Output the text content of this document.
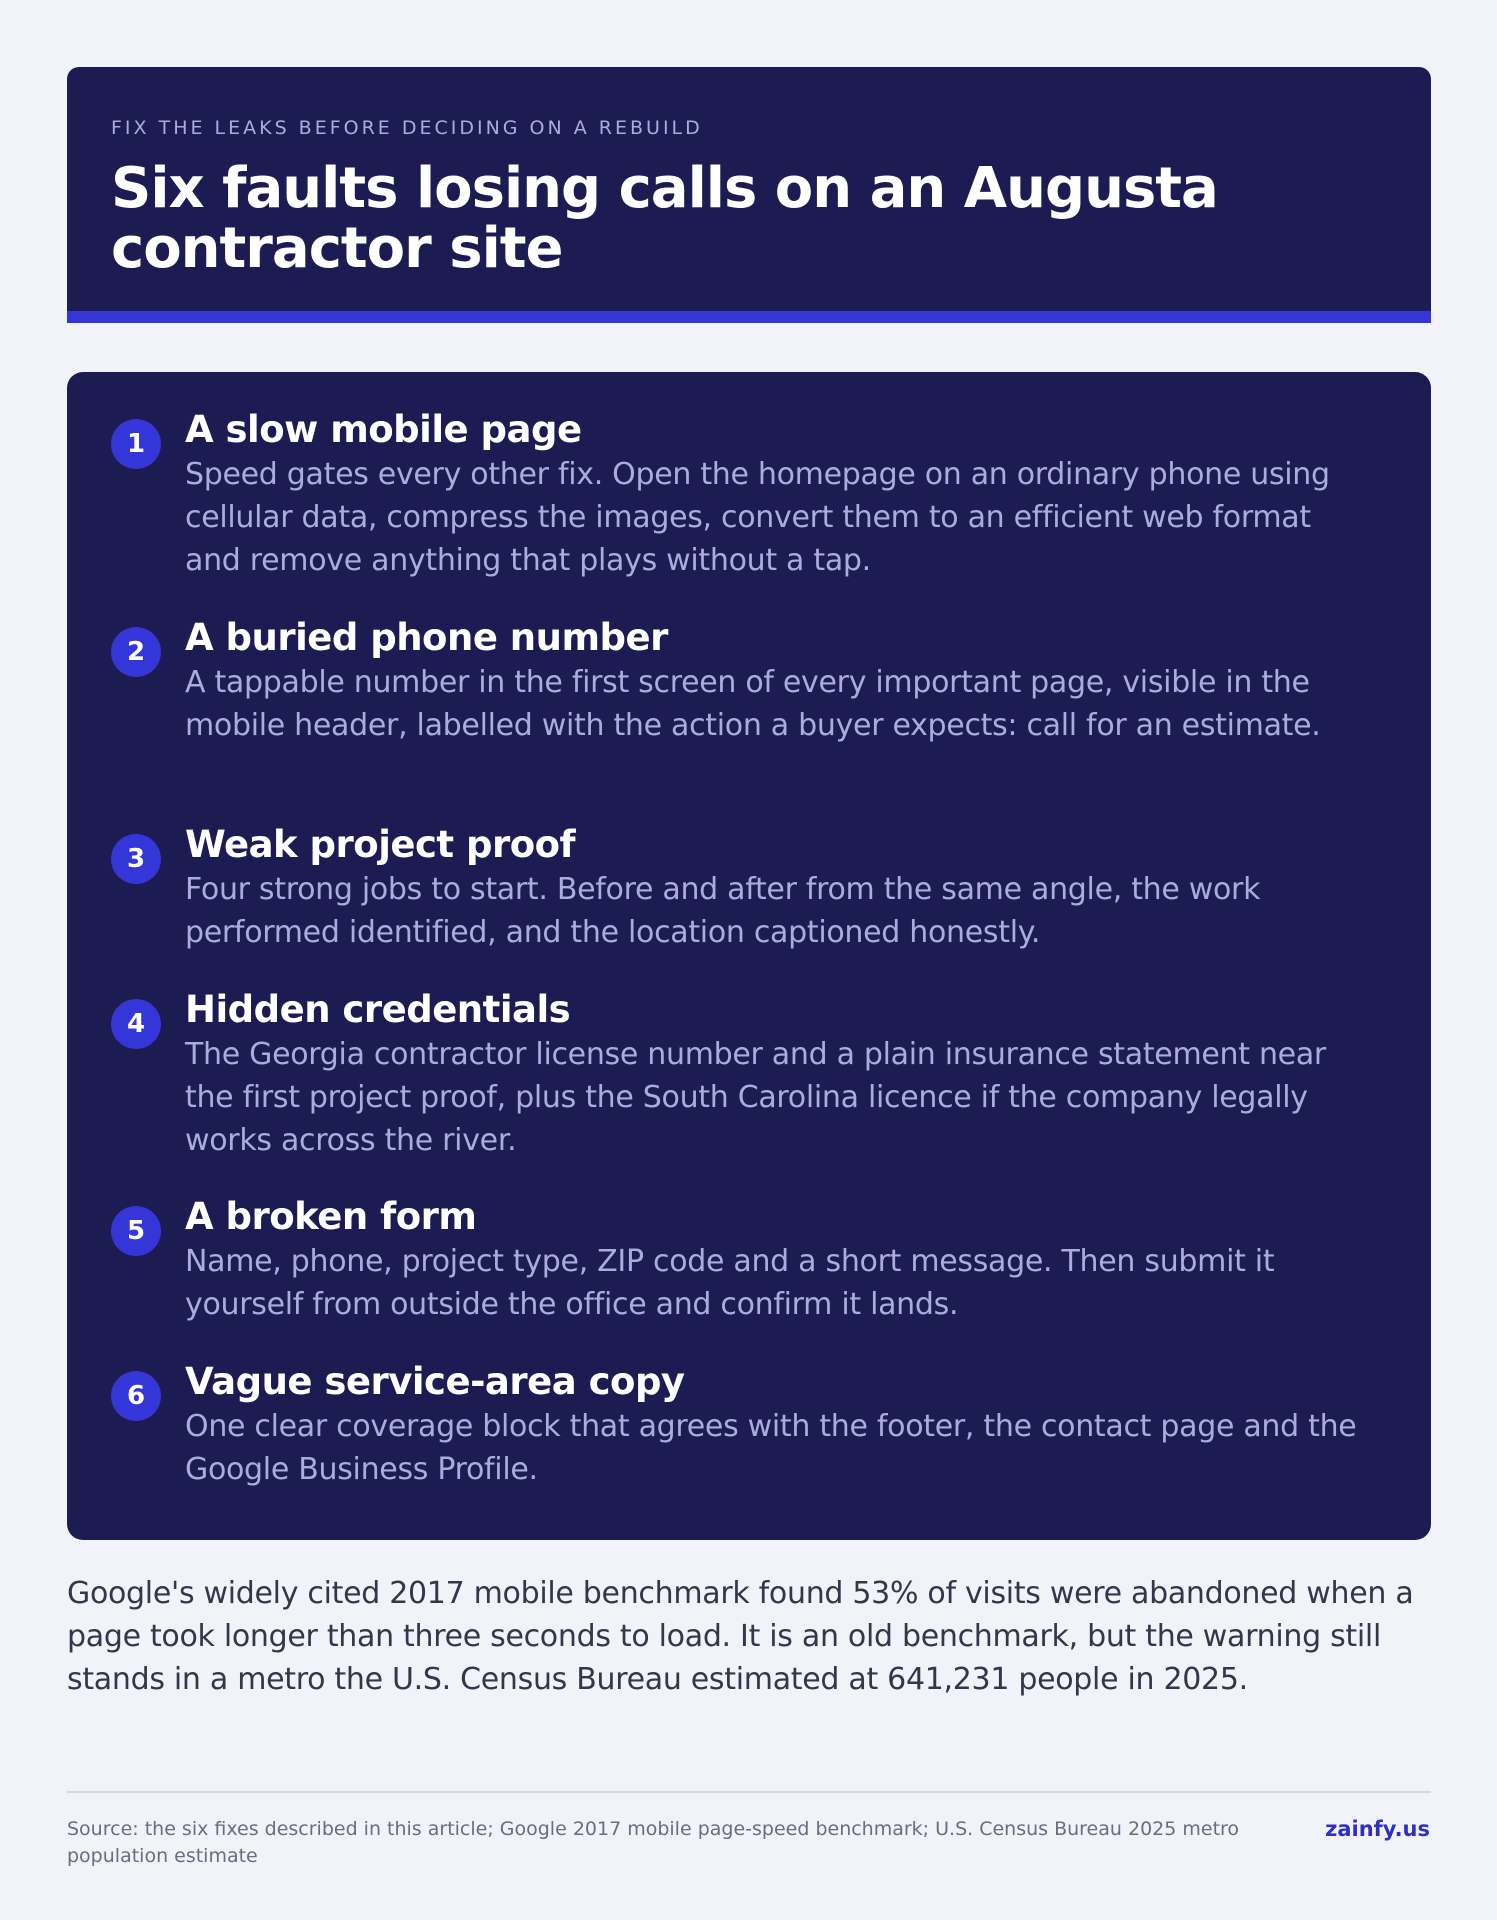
FIX THE LEAKS BEFORE DECIDING ON A REBUILD
Six faults losing calls on an Augusta contractor site
1	A slow mobile page

Speed gates every other fix. Open the homepage on an ordinary phone using cellular data, compress the images, convert them to an efficient web format and remove anything that plays without a tap.

2	A buried phone number

A tappable number in the first screen of every important page, visible in the mobile header, labelled with the action a buyer expects: call for an estimate.

3	Weak project proof

Four strong jobs to start. Before and after from the same angle, the work performed identified, and the location captioned honestly.

4	Hidden credentials

The Georgia contractor license number and a plain insurance statement near the first project proof, plus the South Carolina licence if the company legally works across the river.

5	A broken form

Name, phone, project type, ZIP code and a short message. Then submit it yourself from outside the office and confirm it lands.

6	Vague service-area copy

One clear coverage block that agrees with the footer, the contact page and the Google Business Profile.

Google's widely cited 2017 mobile benchmark found 53% of visits were abandoned when a page took longer than three seconds to load. It is an old benchmark, but the warning still stands in a metro the U.S. Census Bureau estimated at 641,231 people in 2025.

Source: the six fixes described in this article; Google 2017 mobile page-speed benchmark; U.S. Census Bureau 2025 metro population estimate

zainfy.us
